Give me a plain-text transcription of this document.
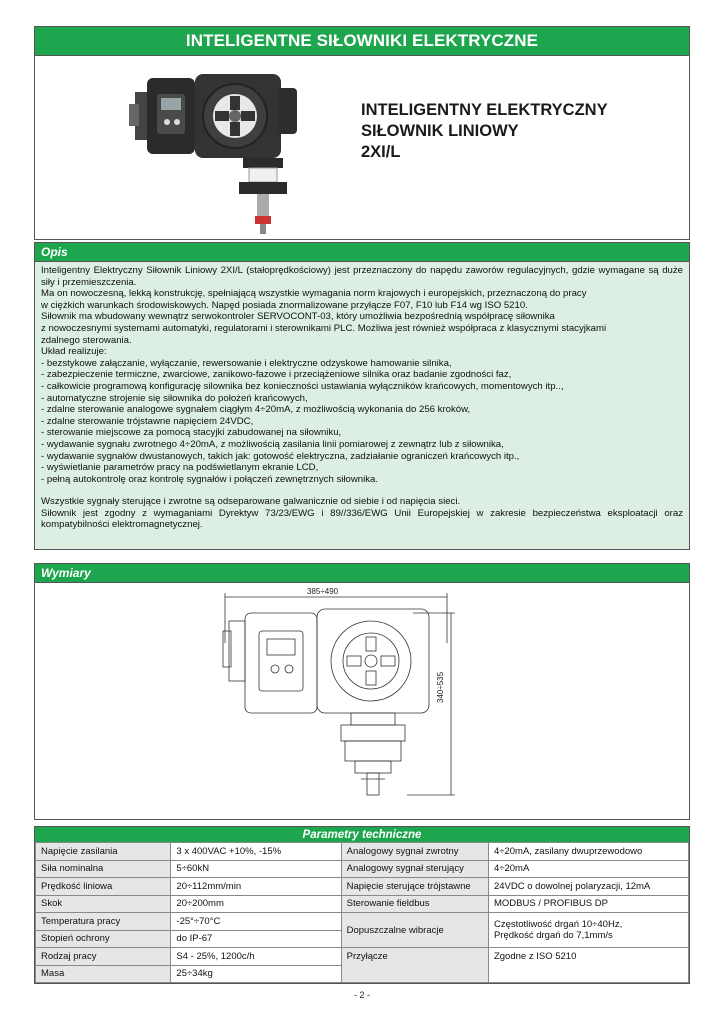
INTELIGENTNE SIŁOWNIKI ELEKTRYCZNE
INTELIGENTNY ELEKTRYCZNY
SIŁOWNIK LINIOWY
2XI/L
Opis

Inteligentny Elektryczny Siłownik Liniowy 2XI/L (stałoprędkościowy) jest przeznaczony do napędu zaworów regulacyjnych, gdzie wymagane są duże siły i przemieszczenia.

Ma on nowoczesną, lekką konstrukcję, spełniającą wszystkie wymagania norm krajowych i europejskich, przeznaczoną do pracy

w ciężkich warunkach środowiskowych. Napęd posiada znormalizowane przyłącze F07, F10 lub F14 wg ISO 5210.

Siłownik ma wbudowany wewnątrz serwokontroler SERVOCONT-03, który umożliwia bezpośrednią współpracę siłownika

z nowoczesnymi systemami automatyki, regulatorami i sterownikami PLC. Możliwa jest również współpraca z klasycznymi stacyjkami

zdalnego sterowania.

Układ realizuje:

- bezstykowe załączanie, wyłączanie, rewersowanie i elektryczne odzyskowe hamowanie silnika,

- zabezpieczenie termiczne, zwarciowe, zanikowo-fazowe i przeciążeniowe silnika oraz badanie zgodności faz,

- całkowicie programową konfigurację silownika bez konieczności ustawiania wyłączników krańcowych, momentowych itp..,

- automatyczne strojenie się siłownika do położeń krańcowych,

- zdalne sterowanie analogowe sygnałem ciągłym 4÷20mA, z możliwością wykonania do 256 kroków,

- zdalne sterowanie trójstawne napięciem 24VDC,

- sterowanie miejscowe za pomocą stacyjki zabudowanej na siłowniku,

- wydawanie sygnału zwrotnego 4÷20mA, z możliwością zasilania linii pomiarowej z zewnątrz lub z siłownika,

- wydawanie sygnałów dwustanowych, takich jak: gotowość elektryczna, zadziałanie ograniczeń krańcowych itp.,

- wyświetlanie parametrów pracy na podświetlanym ekranie LCD,

- pełną autokontrolę oraz kontrolę sygnałów i połączeń zewnętrznych siłownika.

Wszystkie sygnały sterujące i zwrotne są odseparowane galwanicznie od siebie i od napięcia sieci.

Siłownik jest zgodny z wymaganiami Dyrektyw 73/23/EWG i 89//336/EWG Unii Europejskiej w zakresie bezpieczeństwa eksploatacji oraz kompatybilności elektromagnetycznej.

Wymiary
385÷490
340÷535
Parametry techniczne
Napięcie zasilania	3 x 400VAC +10%, -15%	Analogowy sygnał zwrotny	4÷20mA, zasilany dwuprzewodowo
Siła nominalna	5÷60kN	Analogowy sygnał sterujący	4÷20mA
Prędkość liniowa	20÷112mm/min	Napięcie sterujące trójstawne	24VDC o dowolnej polaryzacji, 12mA
Skok	20÷200mm	Sterowanie fieldbus	MODBUS / PROFIBUS DP
Temperatura pracy	-25°÷70°C	Dopuszczalne wibracje	Częstotliwość drgań 10÷40Hz,
Prędkość drgań do 7,1mm/s

Stopień ochrony	do IP-67		
Rodzaj pracy	S4 - 25%, 1200c/h	Przyłącze	Zgodne z ISO 5210
Masa	25÷34kg		
- 2 -
